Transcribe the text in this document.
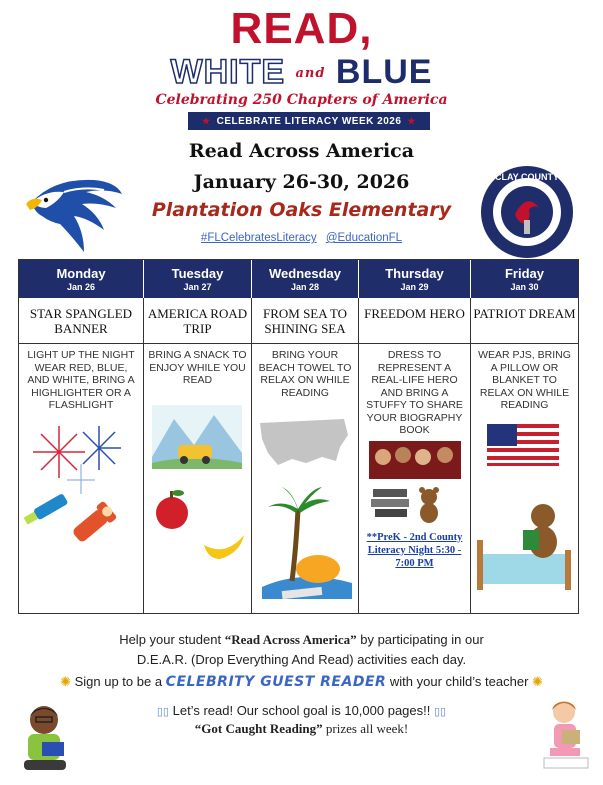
READ,
WHITE and BLUE
Celebrating 250 Chapters of America
★ CELEBRATE LITERACY WEEK 2026 ★
CLAY COUNTY
Read Across America
January 26-30, 2026
Plantation Oaks Elementary
#FLCelebratesLiteracy @EducationFL
Monday
Jan 26
Tuesday
Jan 27
Wednesday
Jan 28
Thursday
Jan 29
Friday
Jan 30
STAR SPANGLED BANNER
AMERICA ROAD TRIP
FROM SEA TO SHINING SEA
FREEDOM HERO PATRIOT DREAM
LIGHT UP THE NIGHT WEAR RED, BLUE, AND WHITE, BRING A HIGHLIGHTER OR A FLASHLIGHT
BRING A SNACK TO ENJOY WHILE YOU READ
BRING YOUR BEACH TOWEL TO RELAX ON WHILE READING
DRESS TO REPRESENT A REAL-LIFE HERO AND BRING A STUFFY TO SHARE YOUR BIOGRAPHY BOOK
**PreK - 2nd County Literacy Night 5:30 - 7:00 PM
WEAR PJS, BRING A PILLOW OR BLANKET TO RELAX ON WHILE READING
Help your student “Read Across America” by participating in our
D.E.A.R. (Drop Everything And Read) activities each day.
✺ Sign up to be a CELEBRITY GUEST READER with your child’s teacher ✺
▯▯ Let’s read! Our school goal is 10,000 pages!! ▯▯
“Got Caught Reading” prizes all week!
